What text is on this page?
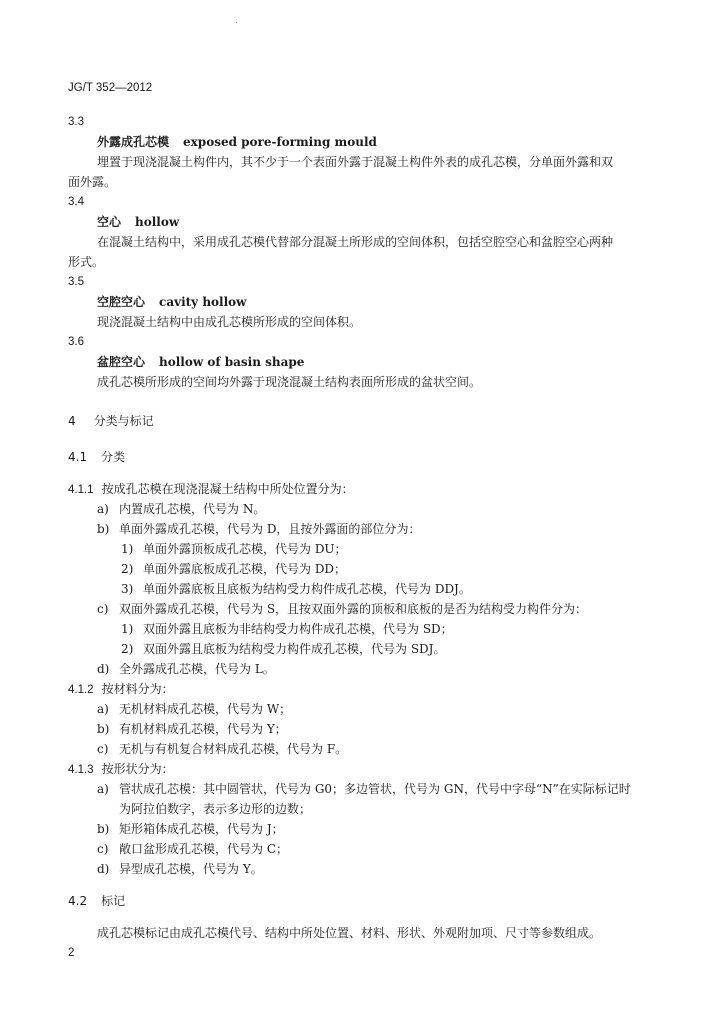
JG/T 352—2012
3.3
外露成孔芯模 exposed pore-forming mould
埋置于现浇混凝土构件内，其不少于一个表面外露于混凝土构件外表的成孔芯模，分单面外露和双
面外露。
3.4
空心 hollow
在混凝土结构中，采用成孔芯模代替部分混凝土所形成的空间体积，包括空腔空心和盆腔空心两种
形式。
3.5
空腔空心 cavity hollow
现浇混凝土结构中由成孔芯模所形成的空间体积。
3.6
盆腔空心 hollow of basin shape
成孔芯模所形成的空间均外露于现浇混凝土结构表面所形成的盆状空间。
4 分类与标记
4.1 分类
4.1.1 按成孔芯模在现浇混凝土结构中所处位置分为：
a) 内置成孔芯模，代号为 N。
b) 单面外露成孔芯模，代号为 D，且按外露面的部位分为：
1) 单面外露顶板成孔芯模，代号为 DU；
2) 单面外露底板成孔芯模，代号为 DD；
3) 单面外露底板且底板为结构受力构件成孔芯模，代号为 DDJ。
c) 双面外露成孔芯模，代号为 S，且按双面外露的顶板和底板的是否为结构受力构件分为：
1) 双面外露且底板为非结构受力构件成孔芯模，代号为 SD；
2) 双面外露且底板为结构受力构件成孔芯模，代号为 SDJ。
d) 全外露成孔芯模，代号为 L。
4.1.2 按材料分为：
a) 无机材料成孔芯模，代号为 W；
b) 有机材料成孔芯模，代号为 Y；
c) 无机与有机复合材料成孔芯模，代号为 F。
4.1.3 按形状分为：
a) 管状成孔芯模：其中圆管状，代号为 G0；多边管状，代号为 GN，代号中字母“N”在实际标记时
为阿拉伯数字，表示多边形的边数；
b) 矩形箱体成孔芯模，代号为 J；
c) 敞口盆形成孔芯模，代号为 C；
d) 异型成孔芯模，代号为 Y。
4.2 标记
成孔芯模标记由成孔芯模代号、结构中所处位置、材料、形状、外观附加项、尺寸等参数组成。
2
